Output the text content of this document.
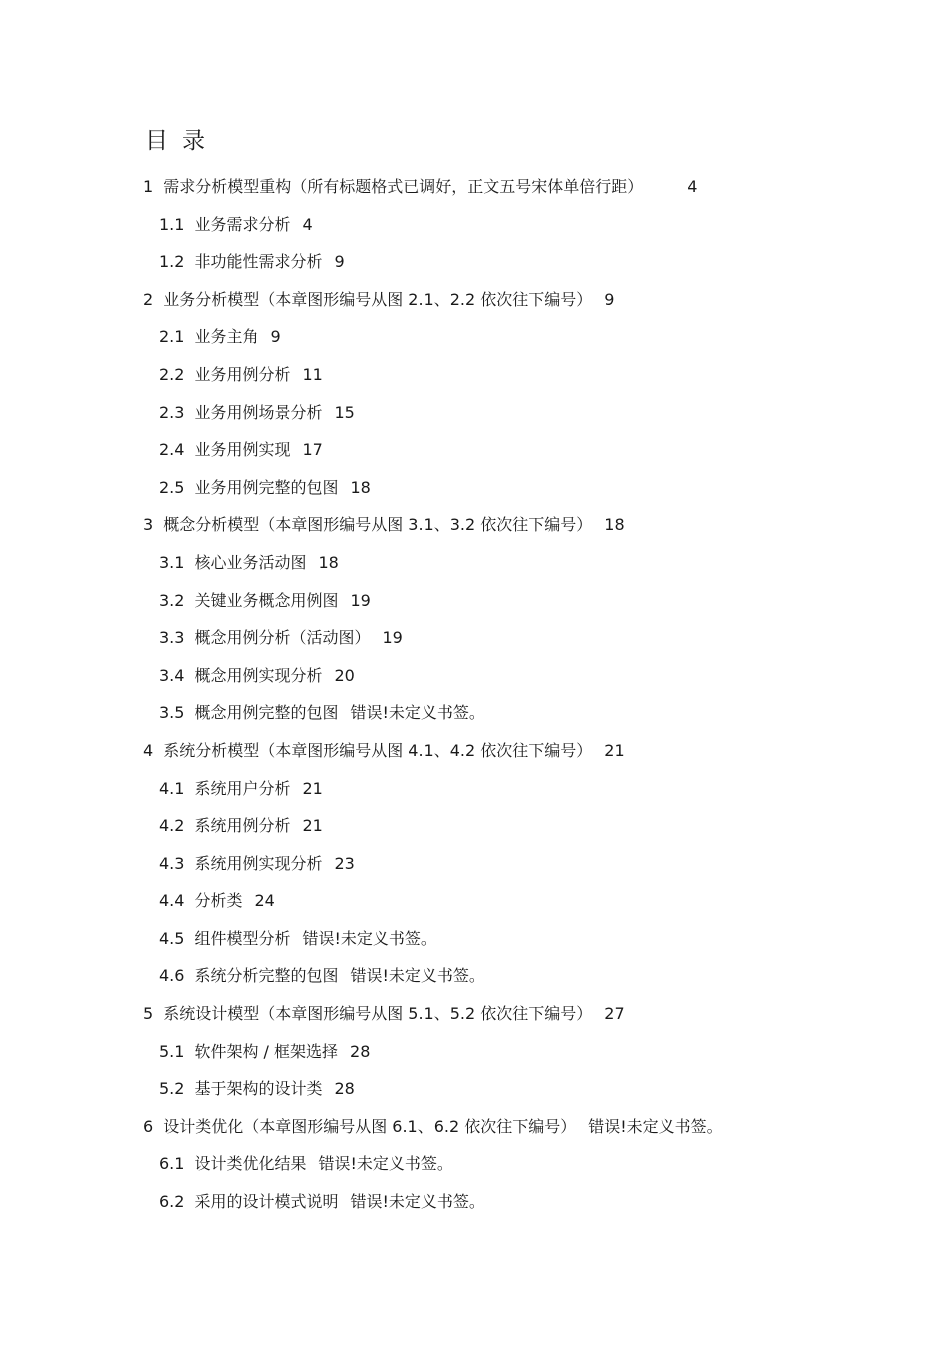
目录
1 需求分析模型重构（所有标题格式已调好，正文五号宋体单倍行距）	4
1.1 业务需求分析 4
1.2 非功能性需求分析 9
2 业务分析模型（本章图形编号从图 2.1、2.2 依次往下编号） 9
2.1 业务主角 9
2.2 业务用例分析 11
2.3 业务用例场景分析 15
2.4 业务用例实现 17
2.5 业务用例完整的包图 18
3 概念分析模型（本章图形编号从图 3.1、3.2 依次往下编号） 18
3.1 核心业务活动图 18
3.2 关键业务概念用例图 19
3.3 概念用例分析（活动图） 19
3.4 概念用例实现分析 20
3.5 概念用例完整的包图 错误!未定义书签。
4 系统分析模型（本章图形编号从图 4.1、4.2 依次往下编号） 21
4.1 系统用户分析 21
4.2 系统用例分析 21
4.3 系统用例实现分析 23
4.4 分析类 24
4.5 组件模型分析 错误!未定义书签。
4.6 系统分析完整的包图 错误!未定义书签。
5 系统设计模型（本章图形编号从图 5.1、5.2 依次往下编号） 27
5.1 软件架构 / 框架选择 28
5.2 基于架构的设计类 28
6 设计类优化（本章图形编号从图 6.1、6.2 依次往下编号） 错误!未定义书签。
6.1 设计类优化结果 错误!未定义书签。
6.2 采用的设计模式说明 错误!未定义书签。
